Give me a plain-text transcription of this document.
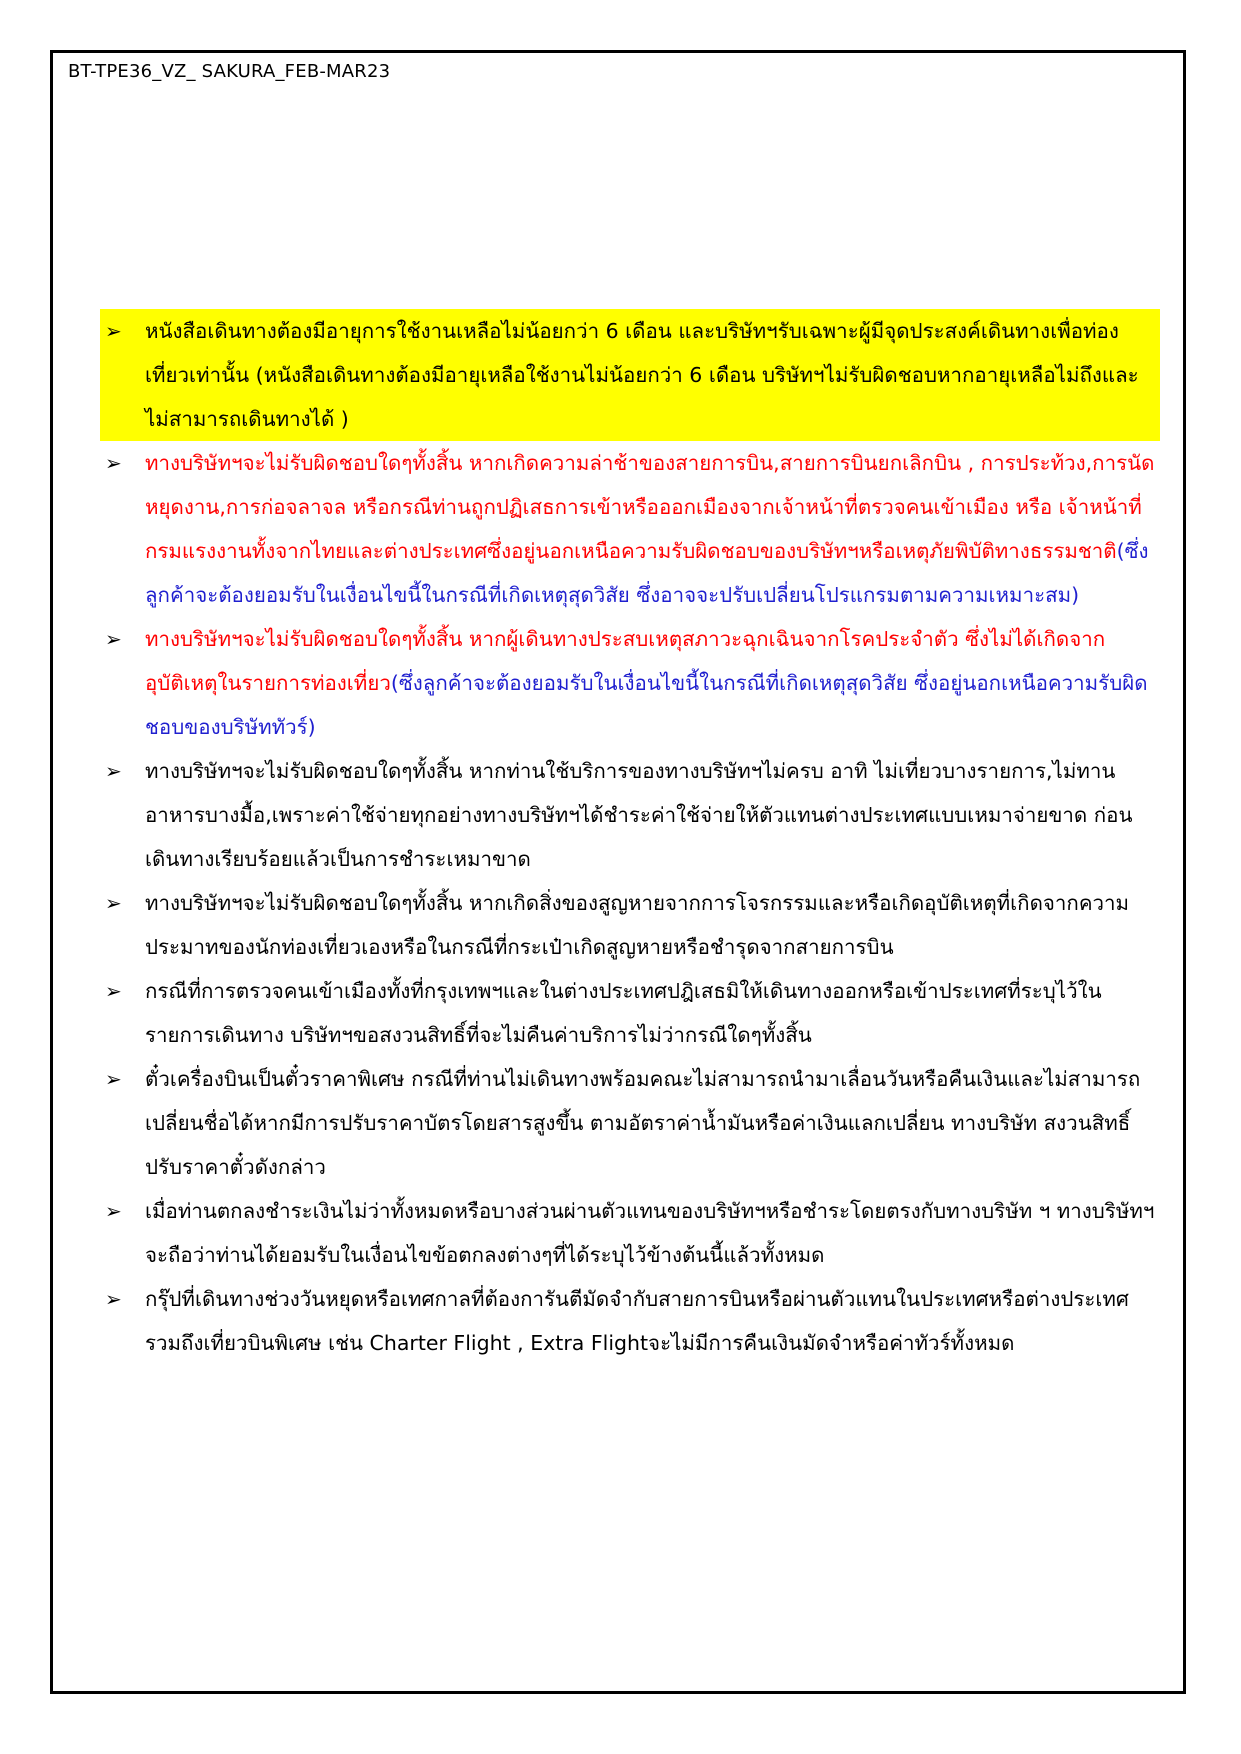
BT-TPE36_VZ_ SAKURA_FEB-MAR23
➢ หนังสือเดินทางต้องมีอายุการใช้งานเหลือไม่น้อยกว่า 6 เดือน และบริษัทฯรับเฉพาะผู้มีจุดประสงค์เดินทางเพื่อท่องเที่ยวเท่านั้น (หนังสือเดินทางต้องมีอายุเหลือใช้งานไม่น้อยกว่า 6 เดือน บริษัทฯไม่รับผิดชอบหากอายุเหลือไม่ถึงและไม่สามารถเดินทางได้ )
➢ ทางบริษัทฯจะไม่รับผิดชอบใดๆทั้งสิ้น หากเกิดความล่าช้าของสายการบิน,สายการบินยกเลิกบิน , การประท้วง,การนัดหยุดงาน,การก่อจลาจล หรือกรณีท่านถูกปฏิเสธการเข้าหรือออกเมืองจากเจ้าหน้าที่ตรวจคนเข้าเมือง หรือ เจ้าหน้าที่กรมแรงงานทั้งจากไทยและต่างประเทศซึ่งอยู่นอกเหนือความรับผิดชอบของบริษัทฯหรือเหตุภัยพิบัติทางธรรมชาติ(ซึ่งลูกค้าจะต้องยอมรับในเงื่อนไขนี้ในกรณีที่เกิดเหตุสุดวิสัย ซึ่งอาจจะปรับเปลี่ยนโปรแกรมตามความเหมาะสม)
➢ ทางบริษัทฯจะไม่รับผิดชอบใดๆทั้งสิ้น หากผู้เดินทางประสบเหตุสภาวะฉุกเฉินจากโรคประจำตัว ซึ่งไม่ได้เกิดจากอุบัติเหตุในรายการท่องเที่ยว(ซึ่งลูกค้าจะต้องยอมรับในเงื่อนไขนี้ในกรณีที่เกิดเหตุสุดวิสัย ซึ่งอยู่นอกเหนือความรับผิดชอบของบริษัททัวร์)
➢ ทางบริษัทฯจะไม่รับผิดชอบใดๆทั้งสิ้น หากท่านใช้บริการของทางบริษัทฯไม่ครบ อาทิ ไม่เที่ยวบางรายการ,ไม่ทานอาหารบางมื้อ,เพราะค่าใช้จ่ายทุกอย่างทางบริษัทฯได้ชำระค่าใช้จ่ายให้ตัวแทนต่างประเทศแบบเหมาจ่ายขาด ก่อนเดินทางเรียบร้อยแล้วเป็นการชำระเหมาขาด
➢ ทางบริษัทฯจะไม่รับผิดชอบใดๆทั้งสิ้น หากเกิดสิ่งของสูญหายจากการโจรกรรมและหรือเกิดอุบัติเหตุที่เกิดจากความประมาทของนักท่องเที่ยวเองหรือในกรณีที่กระเป๋าเกิดสูญหายหรือชำรุดจากสายการบิน
➢ กรณีที่การตรวจคนเข้าเมืองทั้งที่กรุงเทพฯและในต่างประเทศปฎิเสธมิให้เดินทางออกหรือเข้าประเทศที่ระบุไว้ในรายการเดินทาง บริษัทฯขอสงวนสิทธิ์ที่จะไม่คืนค่าบริการไม่ว่ากรณีใดๆทั้งสิ้น
➢ ตั๋วเครื่องบินเป็นตั๋วราคาพิเศษ กรณีที่ท่านไม่เดินทางพร้อมคณะไม่สามารถนำมาเลื่อนวันหรือคืนเงินและไม่สามารถเปลี่ยนชื่อได้หากมีการปรับราคาบัตรโดยสารสูงขึ้น ตามอัตราค่าน้ำมันหรือค่าเงินแลกเปลี่ยน ทางบริษัท สงวนสิทธิ์ปรับราคาตั๋วดังกล่าว
➢ เมื่อท่านตกลงชำระเงินไม่ว่าทั้งหมดหรือบางส่วนผ่านตัวแทนของบริษัทฯหรือชำระโดยตรงกับทางบริษัท ฯ ทางบริษัทฯจะถือว่าท่านได้ยอมรับในเงื่อนไขข้อตกลงต่างๆที่ได้ระบุไว้ข้างต้นนี้แล้วทั้งหมด
➢ กรุ๊ปที่เดินทางช่วงวันหยุดหรือเทศกาลที่ต้องการันตีมัดจำกับสายการบินหรือผ่านตัวแทนในประเทศหรือต่างประเทศ รวมถึงเที่ยวบินพิเศษ เช่น Charter Flight , Extra Flightจะไม่มีการคืนเงินมัดจำหรือค่าทัวร์ทั้งหมด
